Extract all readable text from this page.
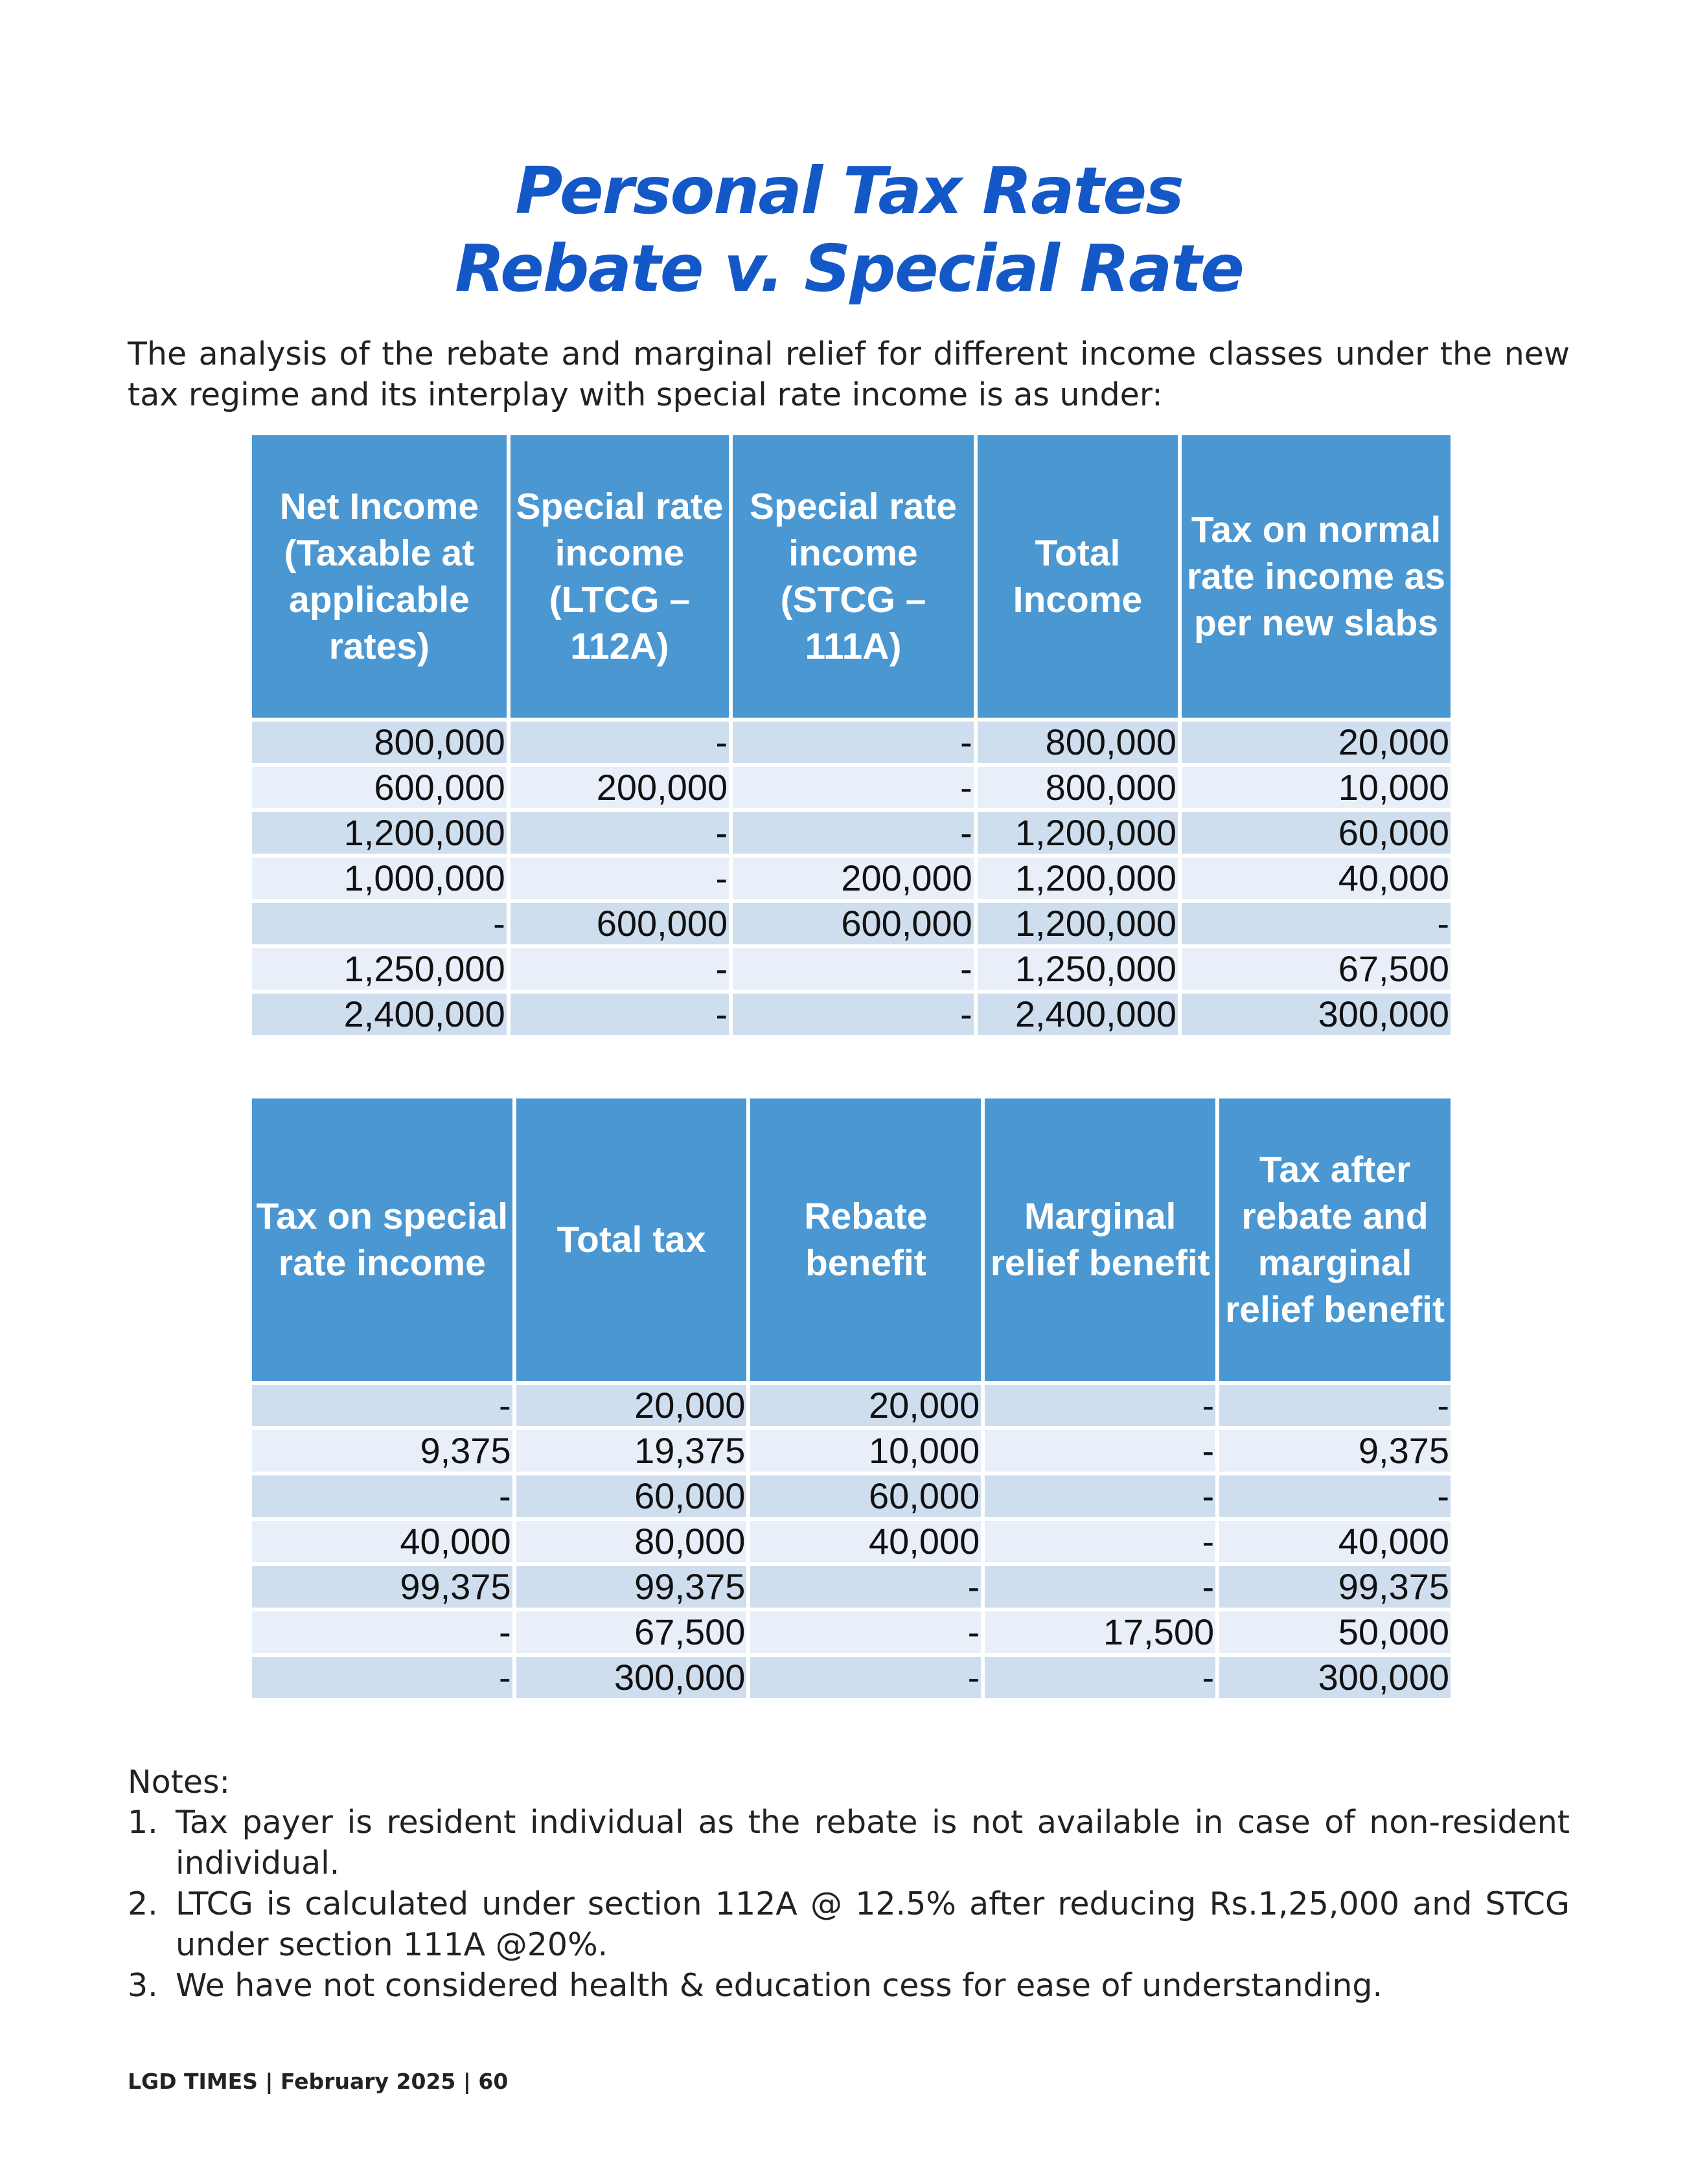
Personal Tax Rates
Rebate v. Special Rate
The analysis of the rebate and marginal relief for different income classes under the new tax regime and its interplay with special rate income is as under:
Net Income (Taxable at applicable rates)	Special rate income (LTCG – 112A)	Special rate income (STCG – 111A)	Total Income	Tax on normal rate income as per new slabs
800,000	-	-	800,000	20,000
600,000	200,000	-	800,000	10,000
1,200,000	-	-	1,200,000	60,000
1,000,000	-	200,000	1,200,000	40,000
-	600,000	600,000	1,200,000	-
1,250,000	-	-	1,250,000	67,500
2,400,000	-	-	2,400,000	300,000
Tax on special rate income	Total tax	Rebate benefit	Marginal relief benefit	Tax after rebate and marginal relief benefit
-	20,000	20,000	-	-
9,375	19,375	10,000	-	9,375
-	60,000	60,000	-	-
40,000	80,000	40,000	-	40,000
99,375	99,375	-	-	99,375
-	67,500	-	17,500	50,000
-	300,000	-	-	300,000
Notes:
1. Tax payer is resident individual as the rebate is not available in case of non-resident individual.
2. LTCG is calculated under section 112A @ 12.5% after reducing Rs.1,25,000 and STCG under section 111A @20%.
3. We have not considered health & education cess for ease of understanding.
LGD TIMES | February 2025 | 60
